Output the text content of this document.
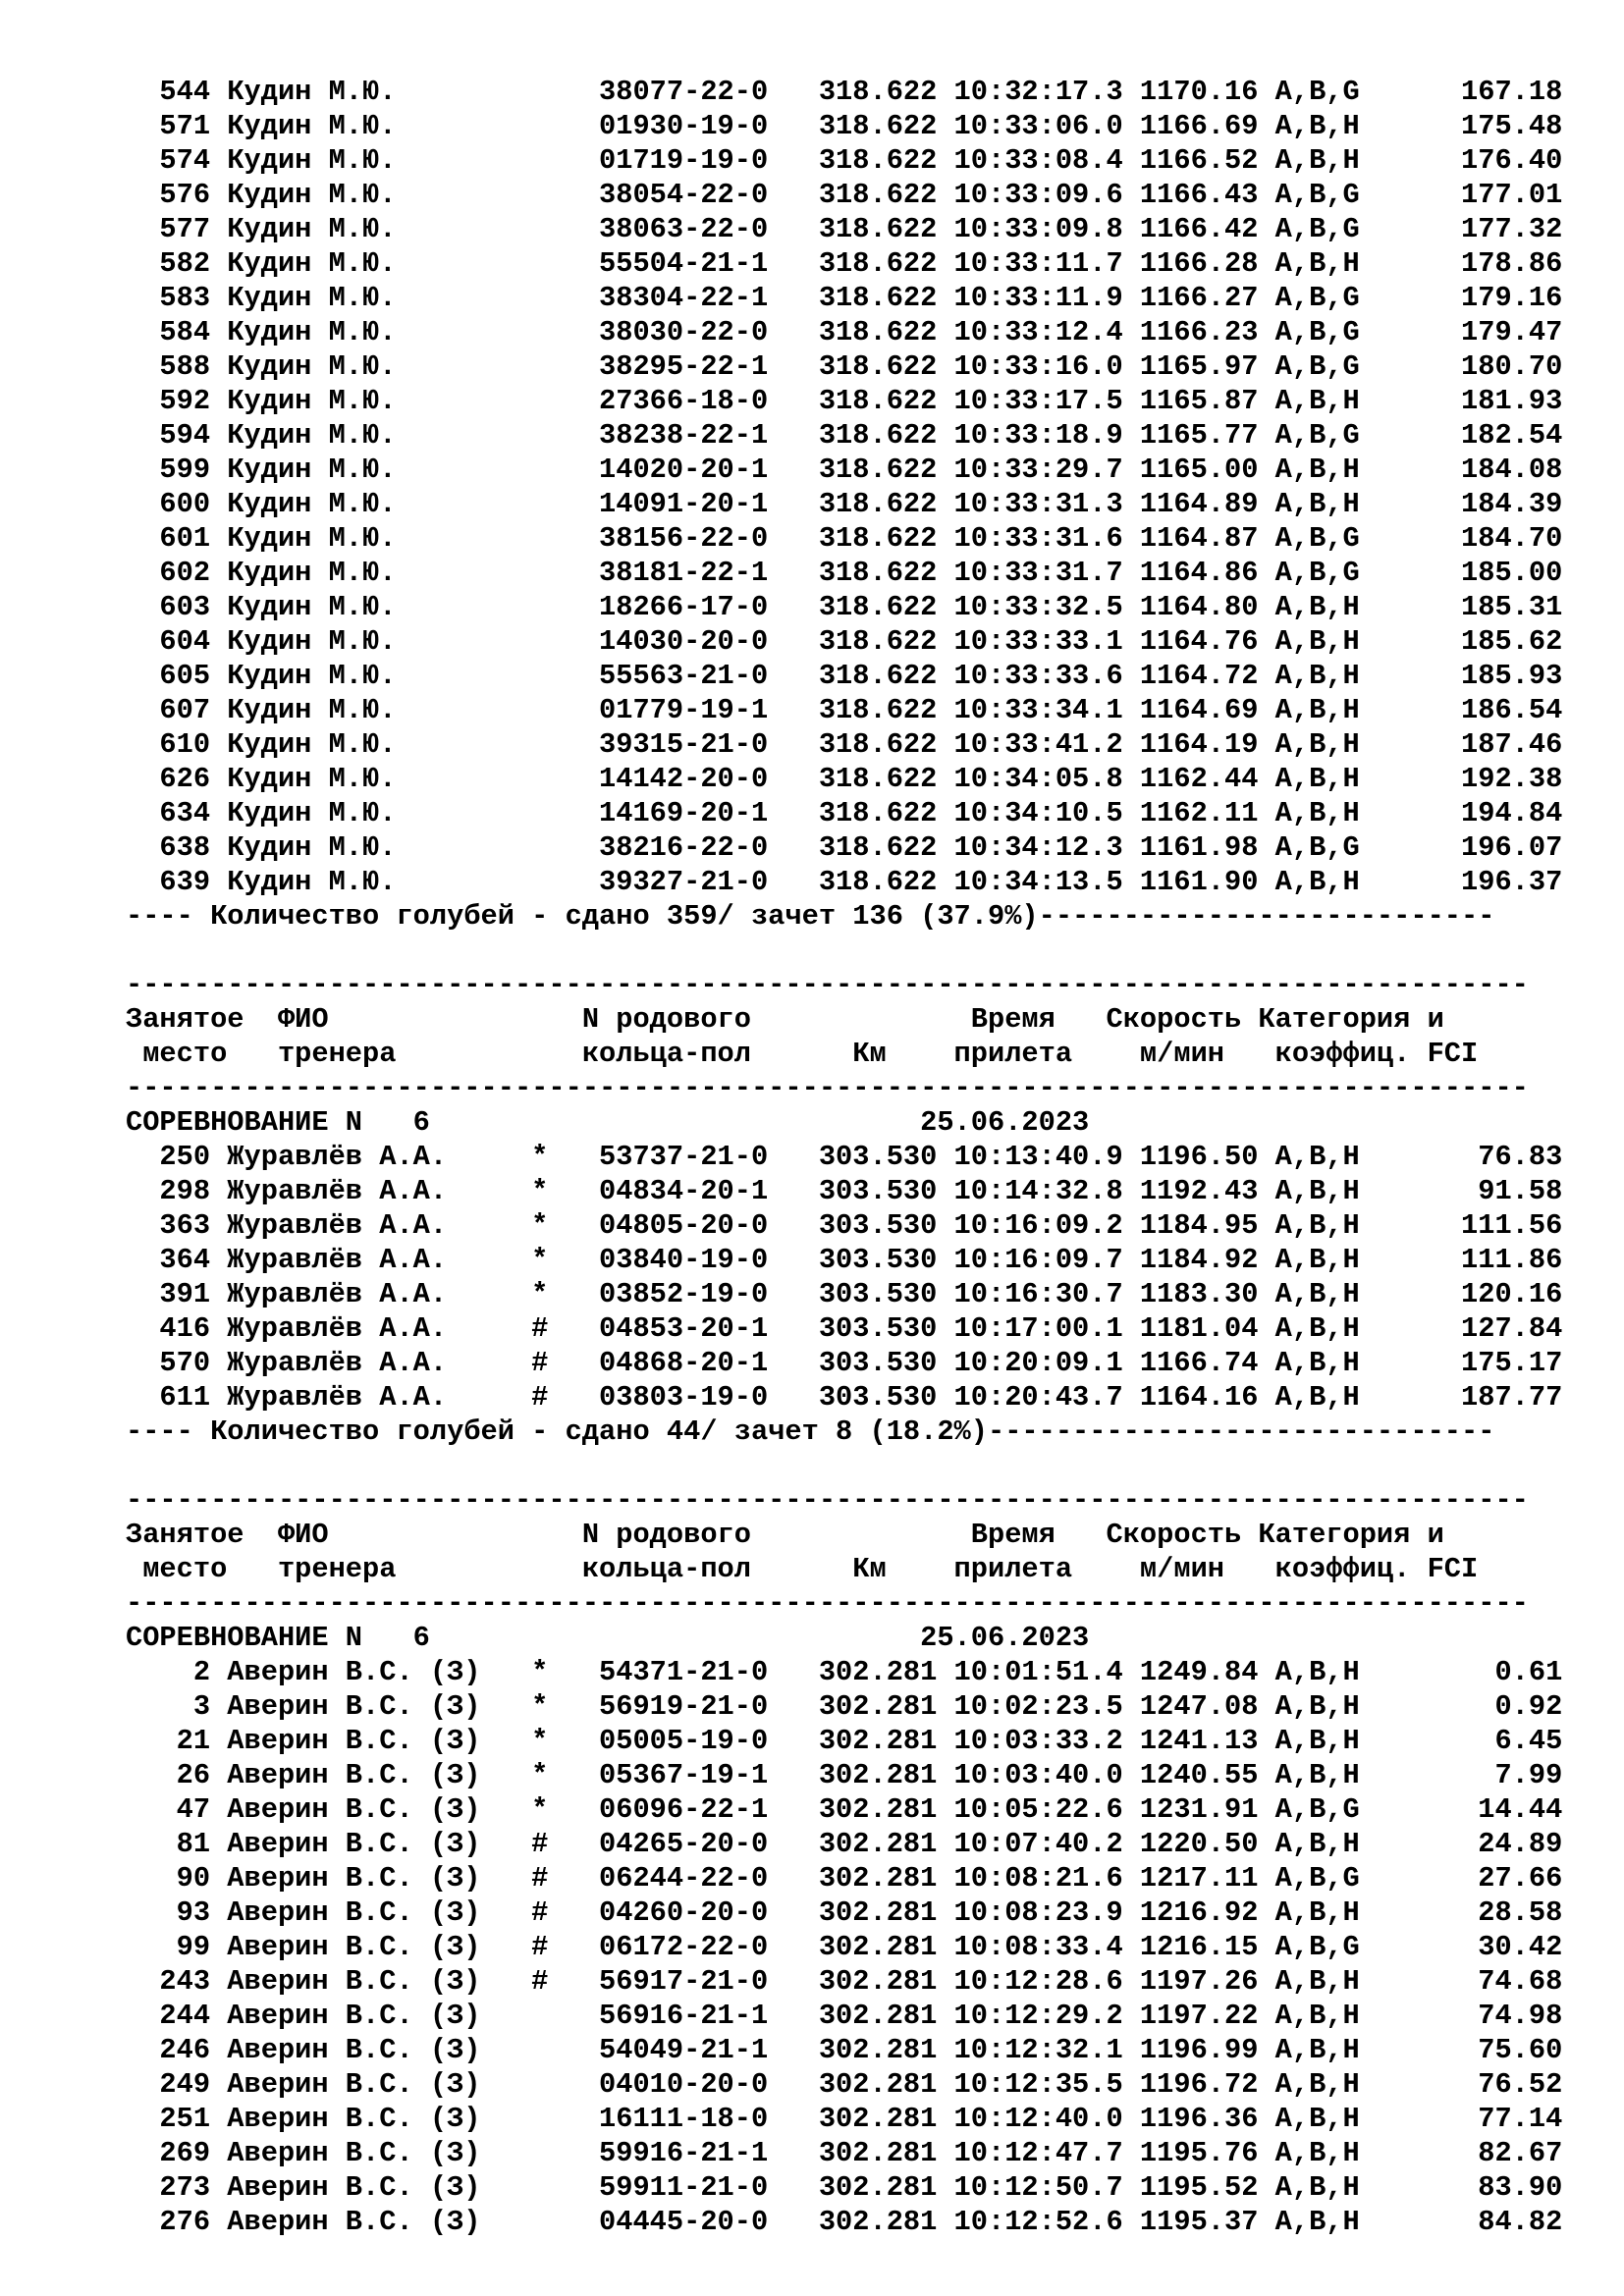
544 Кудин М.Ю.            38077-22-0   318.622 10:32:17.3 1170.16 A,B,G      167.18
571 Кудин М.Ю.            01930-19-0   318.622 10:33:06.0 1166.69 A,B,H      175.48
574 Кудин М.Ю.            01719-19-0   318.622 10:33:08.4 1166.52 A,B,H      176.40
576 Кудин М.Ю.            38054-22-0   318.622 10:33:09.6 1166.43 A,B,G      177.01
577 Кудин М.Ю.            38063-22-0   318.622 10:33:09.8 1166.42 A,B,G      177.32
582 Кудин М.Ю.            55504-21-1   318.622 10:33:11.7 1166.28 A,B,H      178.86
583 Кудин М.Ю.            38304-22-1   318.622 10:33:11.9 1166.27 A,B,G      179.16
584 Кудин М.Ю.            38030-22-0   318.622 10:33:12.4 1166.23 A,B,G      179.47
588 Кудин М.Ю.            38295-22-1   318.622 10:33:16.0 1165.97 A,B,G      180.70
592 Кудин М.Ю.            27366-18-0   318.622 10:33:17.5 1165.87 A,B,H      181.93
594 Кудин М.Ю.            38238-22-1   318.622 10:33:18.9 1165.77 A,B,G      182.54
599 Кудин М.Ю.            14020-20-1   318.622 10:33:29.7 1165.00 A,B,H      184.08
600 Кудин М.Ю.            14091-20-1   318.622 10:33:31.3 1164.89 A,B,H      184.39
601 Кудин М.Ю.            38156-22-0   318.622 10:33:31.6 1164.87 A,B,G      184.70
602 Кудин М.Ю.            38181-22-1   318.622 10:33:31.7 1164.86 A,B,G      185.00
603 Кудин М.Ю.            18266-17-0   318.622 10:33:32.5 1164.80 A,B,H      185.31
604 Кудин М.Ю.            14030-20-0   318.622 10:33:33.1 1164.76 A,B,H      185.62
605 Кудин М.Ю.            55563-21-0   318.622 10:33:33.6 1164.72 A,B,H      185.93
607 Кудин М.Ю.            01779-19-1   318.622 10:33:34.1 1164.69 A,B,H      186.54
610 Кудин М.Ю.            39315-21-0   318.622 10:33:41.2 1164.19 A,B,H      187.46
626 Кудин М.Ю.            14142-20-0   318.622 10:34:05.8 1162.44 A,B,H      192.38
634 Кудин М.Ю.            14169-20-1   318.622 10:34:10.5 1162.11 A,B,H      194.84
638 Кудин М.Ю.            38216-22-0   318.622 10:34:12.3 1161.98 A,B,G      196.07
639 Кудин М.Ю.            39327-21-0   318.622 10:34:13.5 1161.90 A,B,H      196.37
---- Количество голубей - сдано 359/ зачет 136 (37.9%)---------------------------
-----------------------------------------------------------------------------------
Занятое  ФИО               N родового             Время   Скорость Категория и
место   тренера           кольца-пол      Км    прилета    м/мин   коэффиц. FCI
-----------------------------------------------------------------------------------
СОРЕВНОВАНИЕ N   6                             25.06.2023
250 Журавлёв А.А.     *   53737-21-0   303.530 10:13:40.9 1196.50 A,B,H       76.83
298 Журавлёв А.А.     *   04834-20-1   303.530 10:14:32.8 1192.43 A,B,H       91.58
363 Журавлёв А.А.     *   04805-20-0   303.530 10:16:09.2 1184.95 A,B,H      111.56
364 Журавлёв А.А.     *   03840-19-0   303.530 10:16:09.7 1184.92 A,B,H      111.86
391 Журавлёв А.А.     *   03852-19-0   303.530 10:16:30.7 1183.30 A,B,H      120.16
416 Журавлёв А.А.     #   04853-20-1   303.530 10:17:00.1 1181.04 A,B,H      127.84
570 Журавлёв А.А.     #   04868-20-1   303.530 10:20:09.1 1166.74 A,B,H      175.17
611 Журавлёв А.А.     #   03803-19-0   303.530 10:20:43.7 1164.16 A,B,H      187.77
---- Количество голубей - сдано 44/ зачет 8 (18.2%)------------------------------
-----------------------------------------------------------------------------------
Занятое  ФИО               N родового             Время   Скорость Категория и
место   тренера           кольца-пол      Км    прилета    м/мин   коэффиц. FCI
-----------------------------------------------------------------------------------
СОРЕВНОВАНИЕ N   6                             25.06.2023
2 Аверин В.С. (З)   *   54371-21-0   302.281 10:01:51.4 1249.84 A,B,H        0.61
3 Аверин В.С. (З)   *   56919-21-0   302.281 10:02:23.5 1247.08 A,B,H        0.92
21 Аверин В.С. (З)   *   05005-19-0   302.281 10:03:33.2 1241.13 A,B,H        6.45
26 Аверин В.С. (З)   *   05367-19-1   302.281 10:03:40.0 1240.55 A,B,H        7.99
47 Аверин В.С. (З)   *   06096-22-1   302.281 10:05:22.6 1231.91 A,B,G       14.44
81 Аверин В.С. (З)   #   04265-20-0   302.281 10:07:40.2 1220.50 A,B,H       24.89
90 Аверин В.С. (З)   #   06244-22-0   302.281 10:08:21.6 1217.11 A,B,G       27.66
93 Аверин В.С. (З)   #   04260-20-0   302.281 10:08:23.9 1216.92 A,B,H       28.58
99 Аверин В.С. (З)   #   06172-22-0   302.281 10:08:33.4 1216.15 A,B,G       30.42
243 Аверин В.С. (З)   #   56917-21-0   302.281 10:12:28.6 1197.26 A,B,H       74.68
244 Аверин В.С. (З)       56916-21-1   302.281 10:12:29.2 1197.22 A,B,H       74.98
246 Аверин В.С. (З)       54049-21-1   302.281 10:12:32.1 1196.99 A,B,H       75.60
249 Аверин В.С. (З)       04010-20-0   302.281 10:12:35.5 1196.72 A,B,H       76.52
251 Аверин В.С. (З)       16111-18-0   302.281 10:12:40.0 1196.36 A,B,H       77.14
269 Аверин В.С. (З)       59916-21-1   302.281 10:12:47.7 1195.76 A,B,H       82.67
273 Аверин В.С. (З)       59911-21-0   302.281 10:12:50.7 1195.52 A,B,H       83.90
276 Аверин В.С. (З)       04445-20-0   302.281 10:12:52.6 1195.37 A,B,H       84.82
